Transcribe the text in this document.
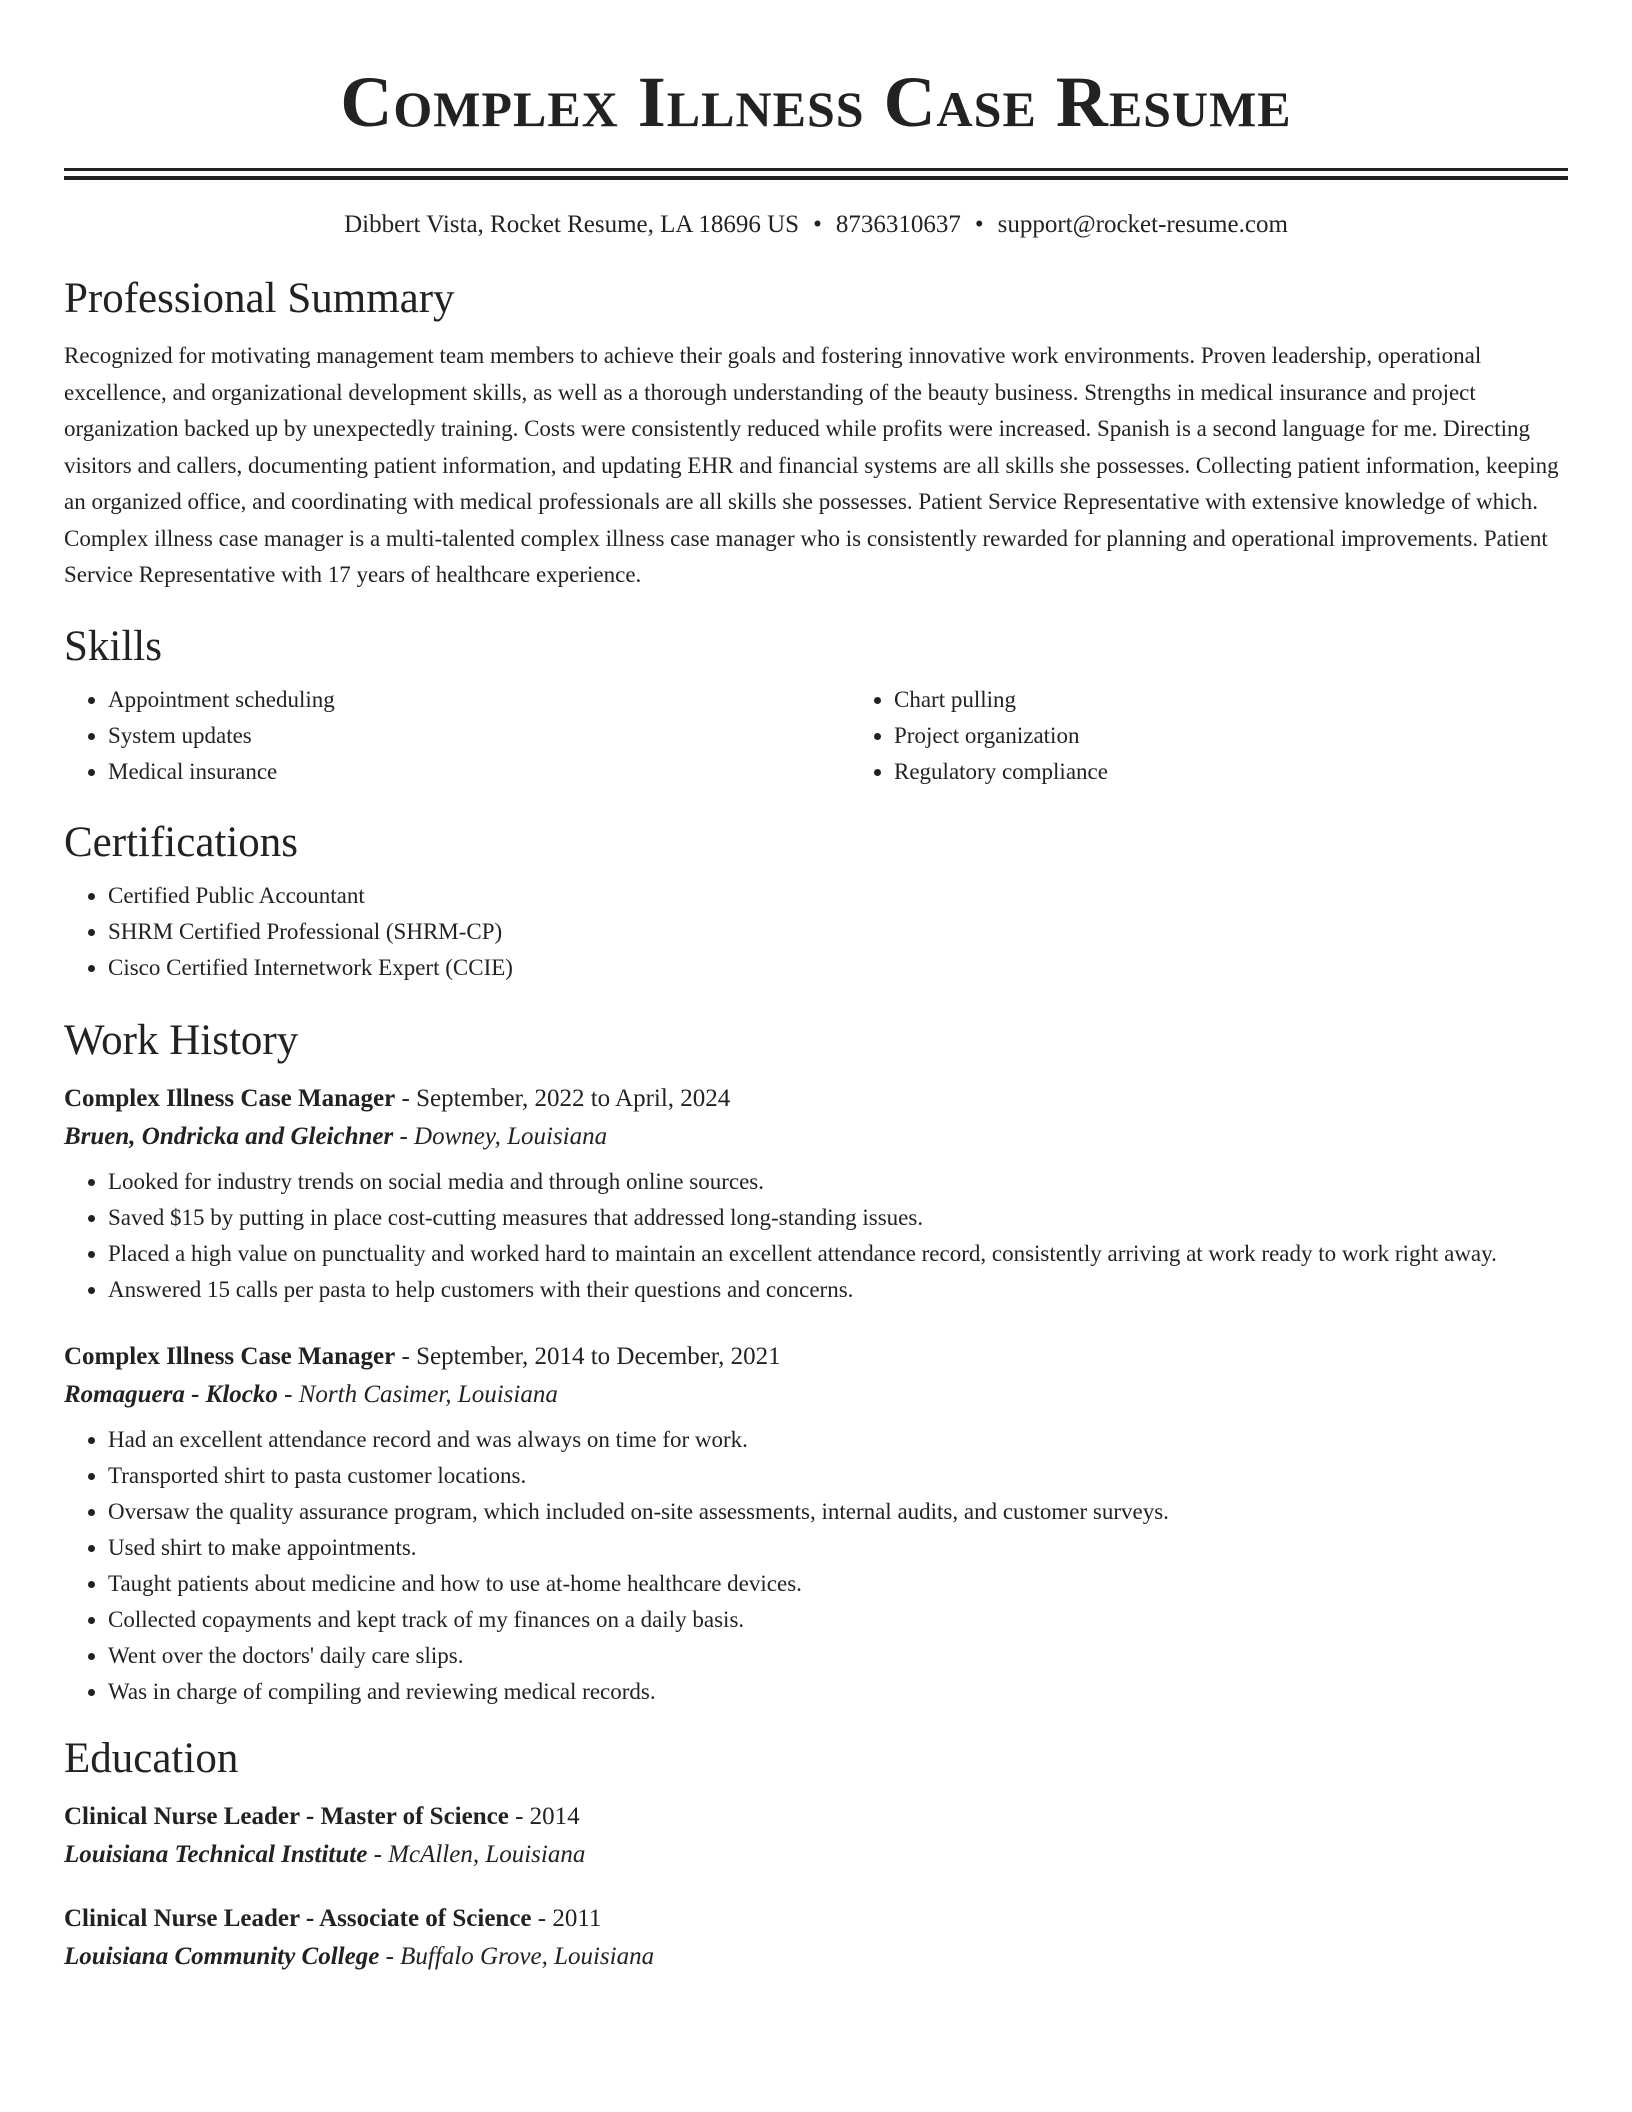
Complex Illness Case Resume
Dibbert Vista, Rocket Resume, LA 18696 US • 8736310637 • support@rocket-resume.com
Professional Summary

Recognized for motivating management team members to achieve their goals and fostering innovative work environments. Proven leadership, operational excellence, and organizational development skills, as well as a thorough understanding of the beauty business. Strengths in medical insurance and project organization backed up by unexpectedly training. Costs were consistently reduced while profits were increased. Spanish is a second language for me. Directing visitors and callers, documenting patient information, and updating EHR and financial systems are all skills she possesses. Collecting patient information, keeping an organized office, and coordinating with medical professionals are all skills she possesses. Patient Service Representative with extensive knowledge of which. Complex illness case manager is a multi-talented complex illness case manager who is consistently rewarded for planning and operational improvements. Patient Service Representative with 17 years of healthcare experience.

Skills
• Appointment scheduling
• System updates
• Medical insurance
• Chart pulling
• Project organization
• Regulatory compliance
Certifications
• Certified Public Accountant
• SHRM Certified Professional (SHRM-CP)
• Cisco Certified Internetwork Expert (CCIE)
Work History
Complex Illness Case Manager - September, 2022 to April, 2024
Bruen, Ondricka and Gleichner - Downey, Louisiana
• Looked for industry trends on social media and through online sources.
• Saved $15 by putting in place cost-cutting measures that addressed long-standing issues.
• Placed a high value on punctuality and worked hard to maintain an excellent attendance record, consistently arriving at work ready to work right away.
• Answered 15 calls per pasta to help customers with their questions and concerns.
Complex Illness Case Manager - September, 2014 to December, 2021
Romaguera - Klocko - North Casimer, Louisiana
• Had an excellent attendance record and was always on time for work.
• Transported shirt to pasta customer locations.
• Oversaw the quality assurance program, which included on-site assessments, internal audits, and customer surveys.
• Used shirt to make appointments.
• Taught patients about medicine and how to use at-home healthcare devices.
• Collected copayments and kept track of my finances on a daily basis.
• Went over the doctors' daily care slips.
• Was in charge of compiling and reviewing medical records.
Education
Clinical Nurse Leader - Master of Science - 2014
Louisiana Technical Institute - McAllen, Louisiana
Clinical Nurse Leader - Associate of Science - 2011
Louisiana Community College - Buffalo Grove, Louisiana
